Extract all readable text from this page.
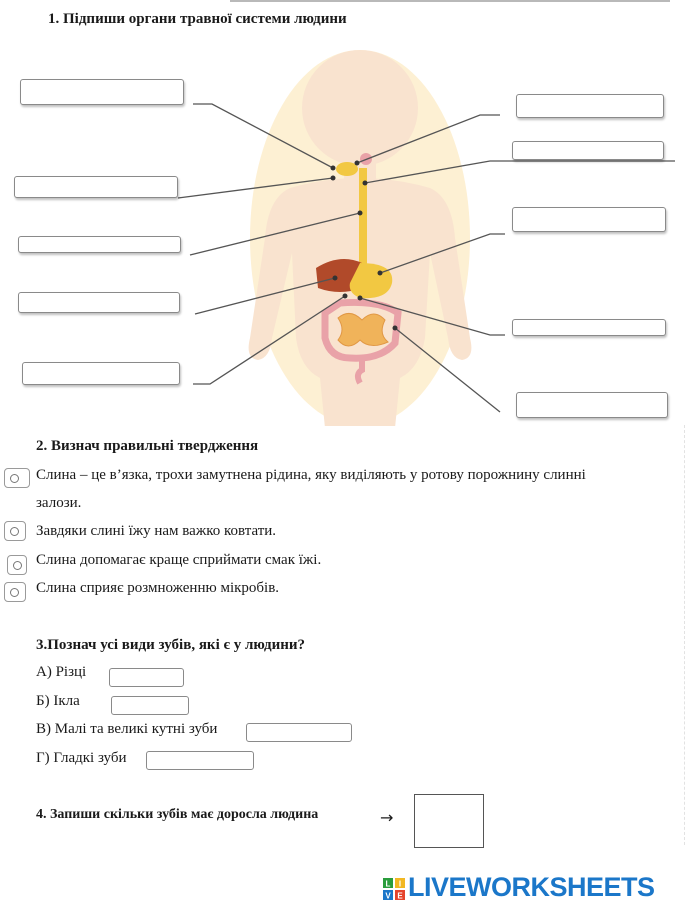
1. Підпиши органи травної системи людини
2. Визнач правильні твердження
Слина – це в’язка, трохи замутнена рідина, яку виділяють у ротову порожнину слинні
залози.
Завдяки слині їжу нам важко ковтати.
Слина допомагає краще сприймати смак їжі.
Слина сприяє розмноженню мікробів.
3.Познач усі види зубів, які є у людини?
А) Різці
Б) Ікла
В) Малі та великі кутні зуби
Г) Гладкі зуби
4. Запиши скільки зубів має доросла людина	→
L I
V E LIVEWORKSHEETS
